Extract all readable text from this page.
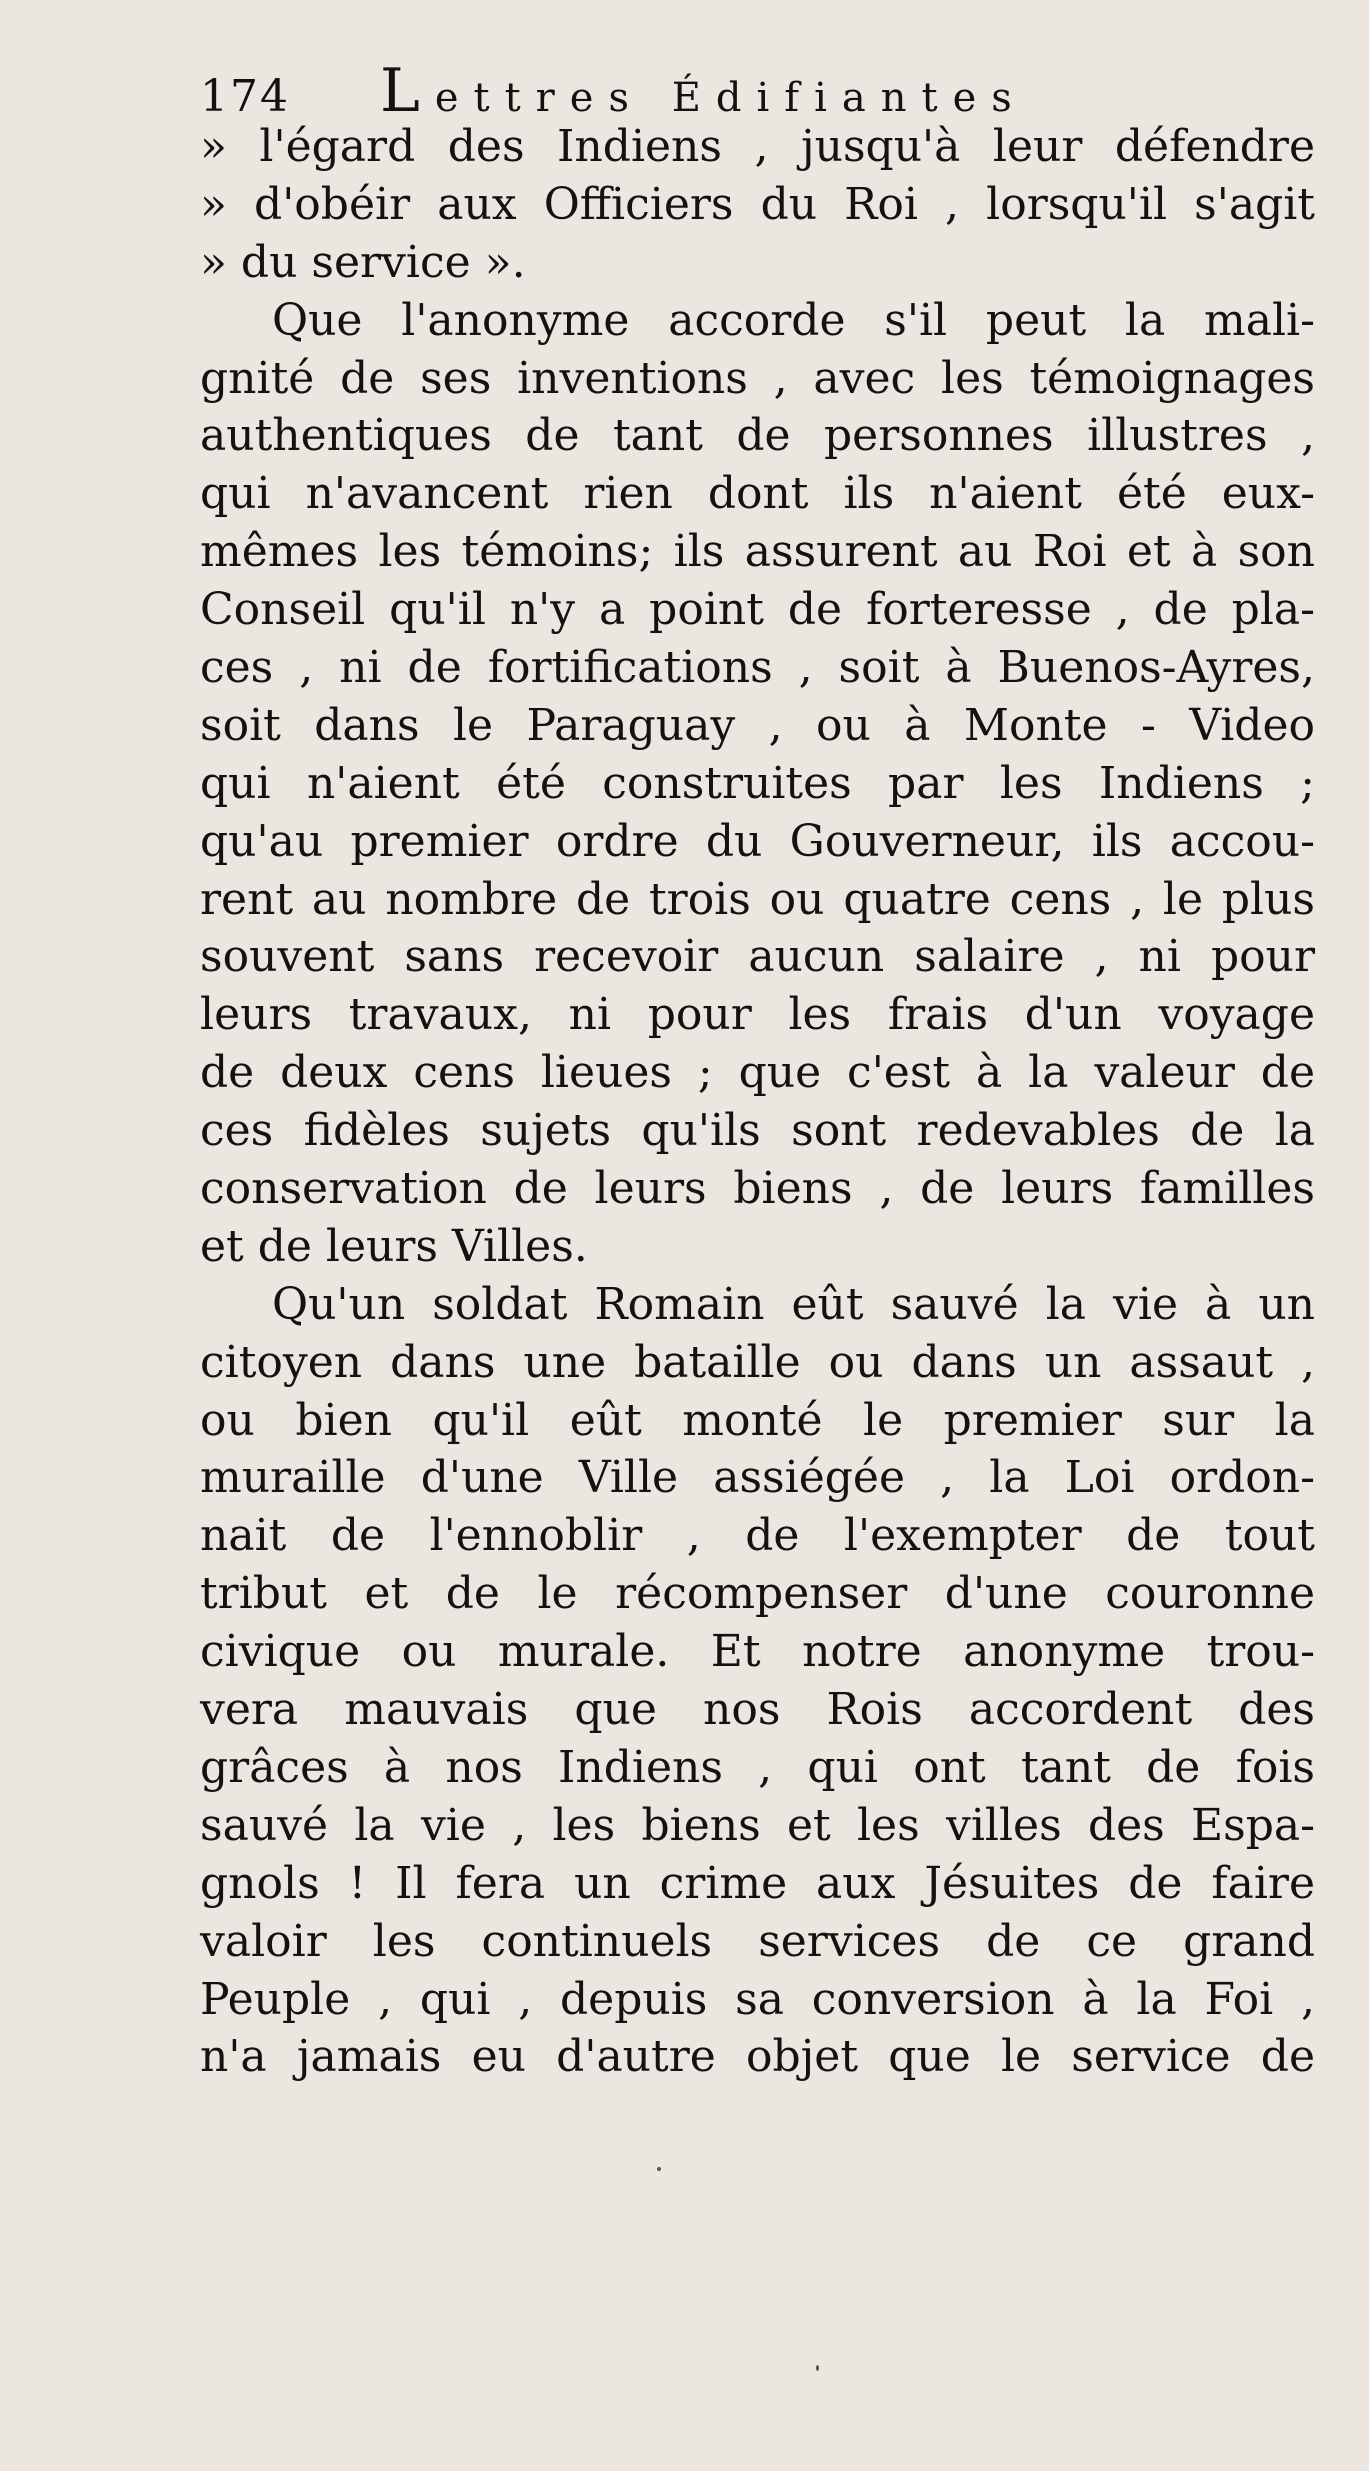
174 Lettres Édifiantes
» l'égard des Indiens , jusqu'à leur défendre
» d'obéir aux Officiers du Roi , lorsqu'il s'agit
» du service ».
Que l'anonyme accorde s'il peut la mali-
gnité de ses inventions , avec les témoignages
authentiques de tant de personnes illustres ,
qui n'avancent rien dont ils n'aient été eux-
mêmes les témoins; ils assurent au Roi et à son
Conseil qu'il n'y a point de forteresse , de pla-
ces , ni de fortifications , soit à Buenos-Ayres,
soit dans le Paraguay , ou à Monte - Video
qui n'aient été construites par les Indiens ;
qu'au premier ordre du Gouverneur, ils accou-
rent au nombre de trois ou quatre cens , le plus
souvent sans recevoir aucun salaire , ni pour
leurs travaux, ni pour les frais d'un voyage
de deux cens lieues ; que c'est à la valeur de
ces fidèles sujets qu'ils sont redevables de la
conservation de leurs biens , de leurs familles
et de leurs Villes.
Qu'un soldat Romain eût sauvé la vie à un
citoyen dans une bataille ou dans un assaut ,
ou bien qu'il eût monté le premier sur la
muraille d'une Ville assiégée , la Loi ordon-
nait de l'ennoblir , de l'exempter de tout
tribut et de le récompenser d'une couronne
civique ou murale. Et notre anonyme trou-
vera mauvais que nos Rois accordent des
grâces à nos Indiens , qui ont tant de fois
sauvé la vie , les biens et les villes des Espa-
gnols ! Il fera un crime aux Jésuites de faire
valoir les continuels services de ce grand
Peuple , qui , depuis sa conversion à la Foi ,
n'a jamais eu d'autre objet que le service de
